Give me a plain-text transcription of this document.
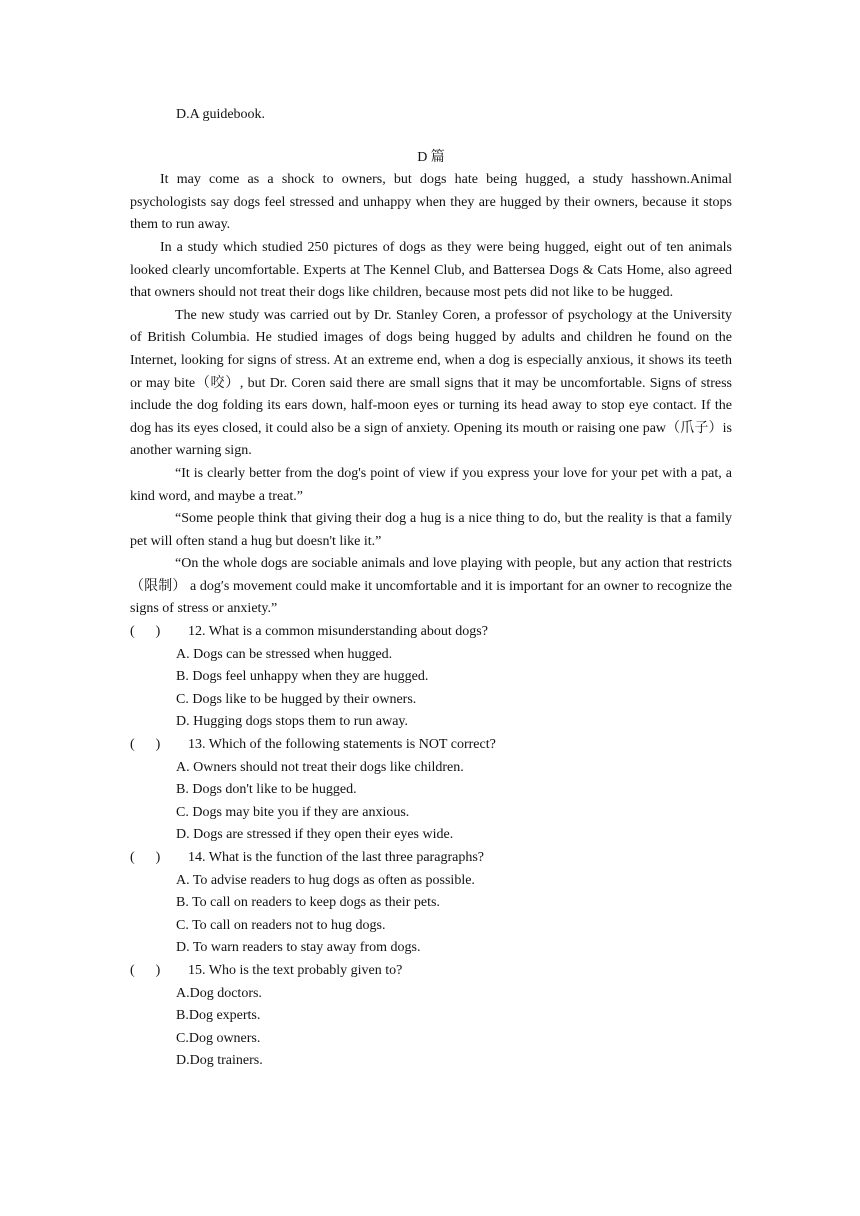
D.A guidebook.

D 篇

It may come as a shock to owners, but dogs hate being hugged, a study hasshown.Animal psychologists say dogs feel stressed and unhappy when they are hugged by their owners, because it stops them to run away.

In a study which studied 250 pictures of dogs as they were being hugged, eight out of ten animals looked clearly uncomfortable. Experts at The Kennel Club, and Battersea Dogs & Cats Home, also agreed that owners should not treat their dogs like children, because most pets did not like to be hugged.

The new study was carried out by Dr. Stanley Coren, a professor of psychology at the University of British Columbia. He studied images of dogs being hugged by adults and children he found on the Internet, looking for signs of stress. At an extreme end, when a dog is especially anxious, it shows its teeth or may bite（咬）, but Dr. Coren said there are small signs that it may be uncomfortable. Signs of stress include the dog folding its ears down, half-moon eyes or turning its head away to stop eye contact. If the dog has its eyes closed, it could also be a sign of anxiety. Opening its mouth or raising one paw（爪子）is another warning sign.

“It is clearly better from the dog's point of view if you express your love for your pet with a pat, a kind word, and maybe a treat.”

“Some people think that giving their dog a hug is a nice thing to do, but the reality is that a family pet will often stand a hug but doesn't like it.”

“On the whole dogs are sociable animals and love playing with people, but any action that restricts（限制） a dog′s movement could make it uncomfortable and it is important for an owner to recognize the signs of stress or anxiety.”

(      )	12. What is a common misunderstanding about dogs?
A. Dogs can be stressed when hugged.
B. Dogs feel unhappy when they are hugged.
C. Dogs like to be hugged by their owners.
D. Hugging dogs stops them to run away.
(      )	13. Which of the following statements is NOT correct?
A. Owners should not treat their dogs like children.
B. Dogs don't like to be hugged.
C. Dogs may bite you if they are anxious.
D. Dogs are stressed if they open their eyes wide.
(      )	14. What is the function of the last three paragraphs?
A. To advise readers to hug dogs as often as possible.
B. To call on readers to keep dogs as their pets.
C. To call on readers not to hug dogs.
D. To warn readers to stay away from dogs.
(      )	15. Who is the text probably given to?
A.Dog doctors.
B.Dog experts.
C.Dog owners.
D.Dog trainers.
